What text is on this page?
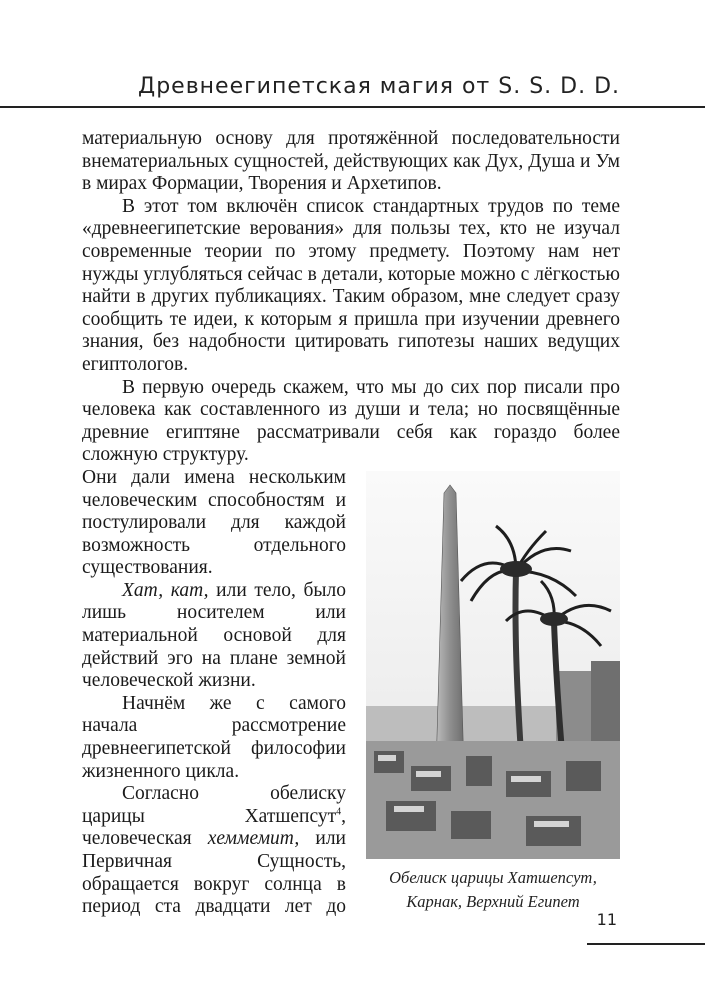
Древнеегипетская магия от S. S. D. D.

материальную основу для протяжённой последовательности внематериальных сущностей, действующих как Дух, Душа и Ум в мирах Формации, Творения и Архетипов.

В этот том включён список стандартных трудов по теме «древнеегипетские верования» для пользы тех, кто не изучал современные теории по этому предмету. Поэтому нам нет нужды углубляться сейчас в детали, которые можно с лёгкостью найти в других публикациях. Таким образом, мне следует сразу сообщить те идеи, к которым я пришла при изучении древнего знания, без надобности цитировать гипотезы наших ведущих египтологов.

В первую очередь скажем, что мы до сих пор писали про человека как составленного из души и тела; но посвящённые древние египтяне рассматривали себя как гораздо более сложную структуру.

Обелиск царицы Хатшепсут,
Карнак, Верхний Египет

Они дали имена нескольким человеческим способностям и постулировали для каждой возможность отдельного существования.

Хат, кат, или тело, было лишь носителем или материальной основой для действий эго на плане земной человеческой жизни.

Начнём же с самого начала рассмотрение древнеегипетской философии жизненного цикла.

Согласно обелиску царицы Хатшепсут$^4$, человеческая хеммемит, или Первичная Сущность, обращается вокруг солнца в период ста двадцати лет до

11
